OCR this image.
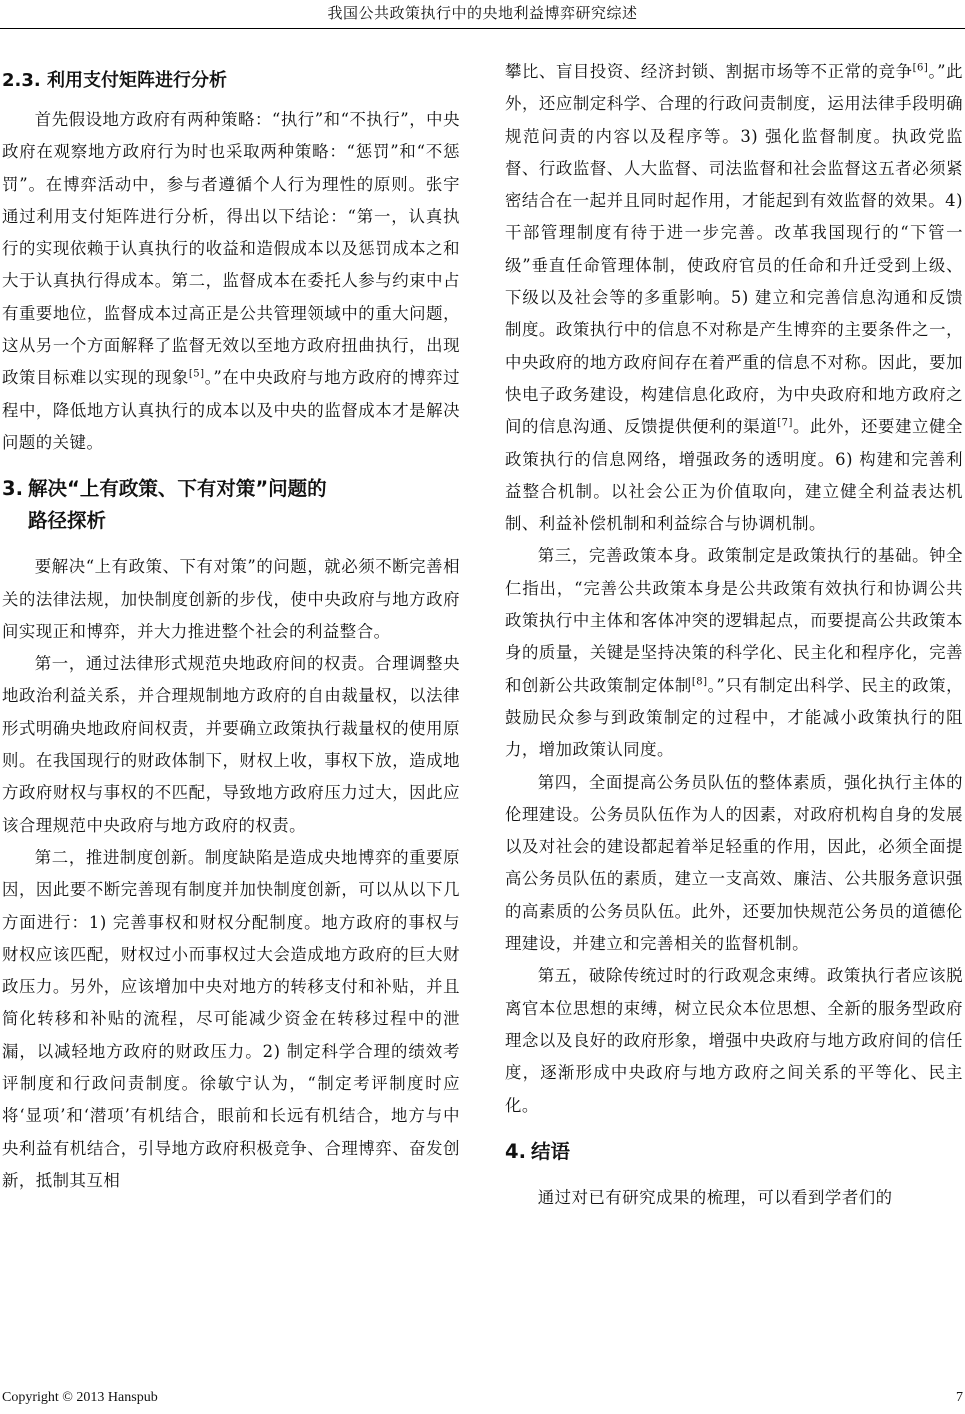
我国公共政策执行中的央地利益博弈研究综述
2.3. 利用支付矩阵进行分析

首先假设地方政府有两种策略：“执行”和“不执行”，中央政府在观察地方政府行为时也采取两种策略：“惩罚”和“不惩罚”。在博弈活动中，参与者遵循个人行为理性的原则。张宇通过利用支付矩阵进行分析，得出以下结论：“第一，认真执行的实现依赖于认真执行的收益和造假成本以及惩罚成本之和大于认真执行得成本。第二，监督成本在委托人参与约束中占有重要地位，监督成本过高正是公共管理领域中的重大问题，这从另一个方面解释了监督无效以至地方政府扭曲执行，出现政策目标难以实现的现象[5]。”在中央政府与地方政府的博弈过程中，降低地方认真执行的成本以及中央的监督成本才是解决问题的关键。

3. 解决“上有政策、下有对策”问题的
路径探析

要解决“上有政策、下有对策”的问题，就必须不断完善相关的法律法规，加快制度创新的步伐，使中央政府与地方政府间实现正和博弈，并大力推进整个社会的利益整合。

第一，通过法律形式规范央地政府间的权责。合理调整央地政治利益关系，并合理规制地方政府的自由裁量权，以法律形式明确央地政府间权责，并要确立政策执行裁量权的使用原则。在我国现行的财政体制下，财权上收，事权下放，造成地方政府财权与事权的不匹配，导致地方政府压力过大，因此应该合理规范中央政府与地方政府的权责。

第二，推进制度创新。制度缺陷是造成央地博弈的重要原因，因此要不断完善现有制度并加快制度创新，可以从以下几方面进行：1) 完善事权和财权分配制度。地方政府的事权与财权应该匹配，财权过小而事权过大会造成地方政府的巨大财政压力。另外，应该增加中央对地方的转移支付和补贴，并且简化转移和补贴的流程，尽可能减少资金在转移过程中的泄漏，以减轻地方政府的财政压力。2) 制定科学合理的绩效考评制度和行政问责制度。徐敏宁认为，“制定考评制度时应将‘显项’和‘潜项’有机结合，眼前和长远有机结合，地方与中央利益有机结合，引导地方政府积极竞争、合理博弈、奋发创新，抵制其互相

攀比、盲目投资、经济封锁、割据市场等不正常的竞争[6]。”此外，还应制定科学、合理的行政问责制度，运用法律手段明确规范问责的内容以及程序等。3) 强化监督制度。执政党监督、行政监督、人大监督、司法监督和社会监督这五者必须紧密结合在一起并且同时起作用，才能起到有效监督的效果。4) 干部管理制度有待于进一步完善。改革我国现行的“下管一级”垂直任命管理体制，使政府官员的任命和升迁受到上级、下级以及社会等的多重影响。5) 建立和完善信息沟通和反馈制度。政策执行中的信息不对称是产生博弈的主要条件之一，中央政府的地方政府间存在着严重的信息不对称。因此，要加快电子政务建设，构建信息化政府，为中央政府和地方政府之间的信息沟通、反馈提供便利的渠道[7]。此外，还要建立健全政策执行的信息网络，增强政务的透明度。6) 构建和完善利益整合机制。以社会公正为价值取向，建立健全利益表达机制、利益补偿机制和利益综合与协调机制。

第三，完善政策本身。政策制定是政策执行的基础。钟全仁指出，“完善公共政策本身是公共政策有效执行和协调公共政策执行中主体和客体冲突的逻辑起点，而要提高公共政策本身的质量，关键是坚持决策的科学化、民主化和程序化，完善和创新公共政策制定体制[8]。”只有制定出科学、民主的政策，鼓励民众参与到政策制定的过程中，才能减小政策执行的阻力，增加政策认同度。

第四，全面提高公务员队伍的整体素质，强化执行主体的伦理建设。公务员队伍作为人的因素，对政府机构自身的发展以及对社会的建设都起着举足轻重的作用，因此，必须全面提高公务员队伍的素质，建立一支高效、廉洁、公共服务意识强的高素质的公务员队伍。此外，还要加快规范公务员的道德伦理建设，并建立和完善相关的监督机制。

第五，破除传统过时的行政观念束缚。政策执行者应该脱离官本位思想的束缚，树立民众本位思想、全新的服务型政府理念以及良好的政府形象，增强中央政府与地方政府间的信任度，逐渐形成中央政府与地方政府之间关系的平等化、民主化。

4. 结语

通过对已有研究成果的梳理，可以看到学者们的

Copyright © 2013 Hanspub	7
